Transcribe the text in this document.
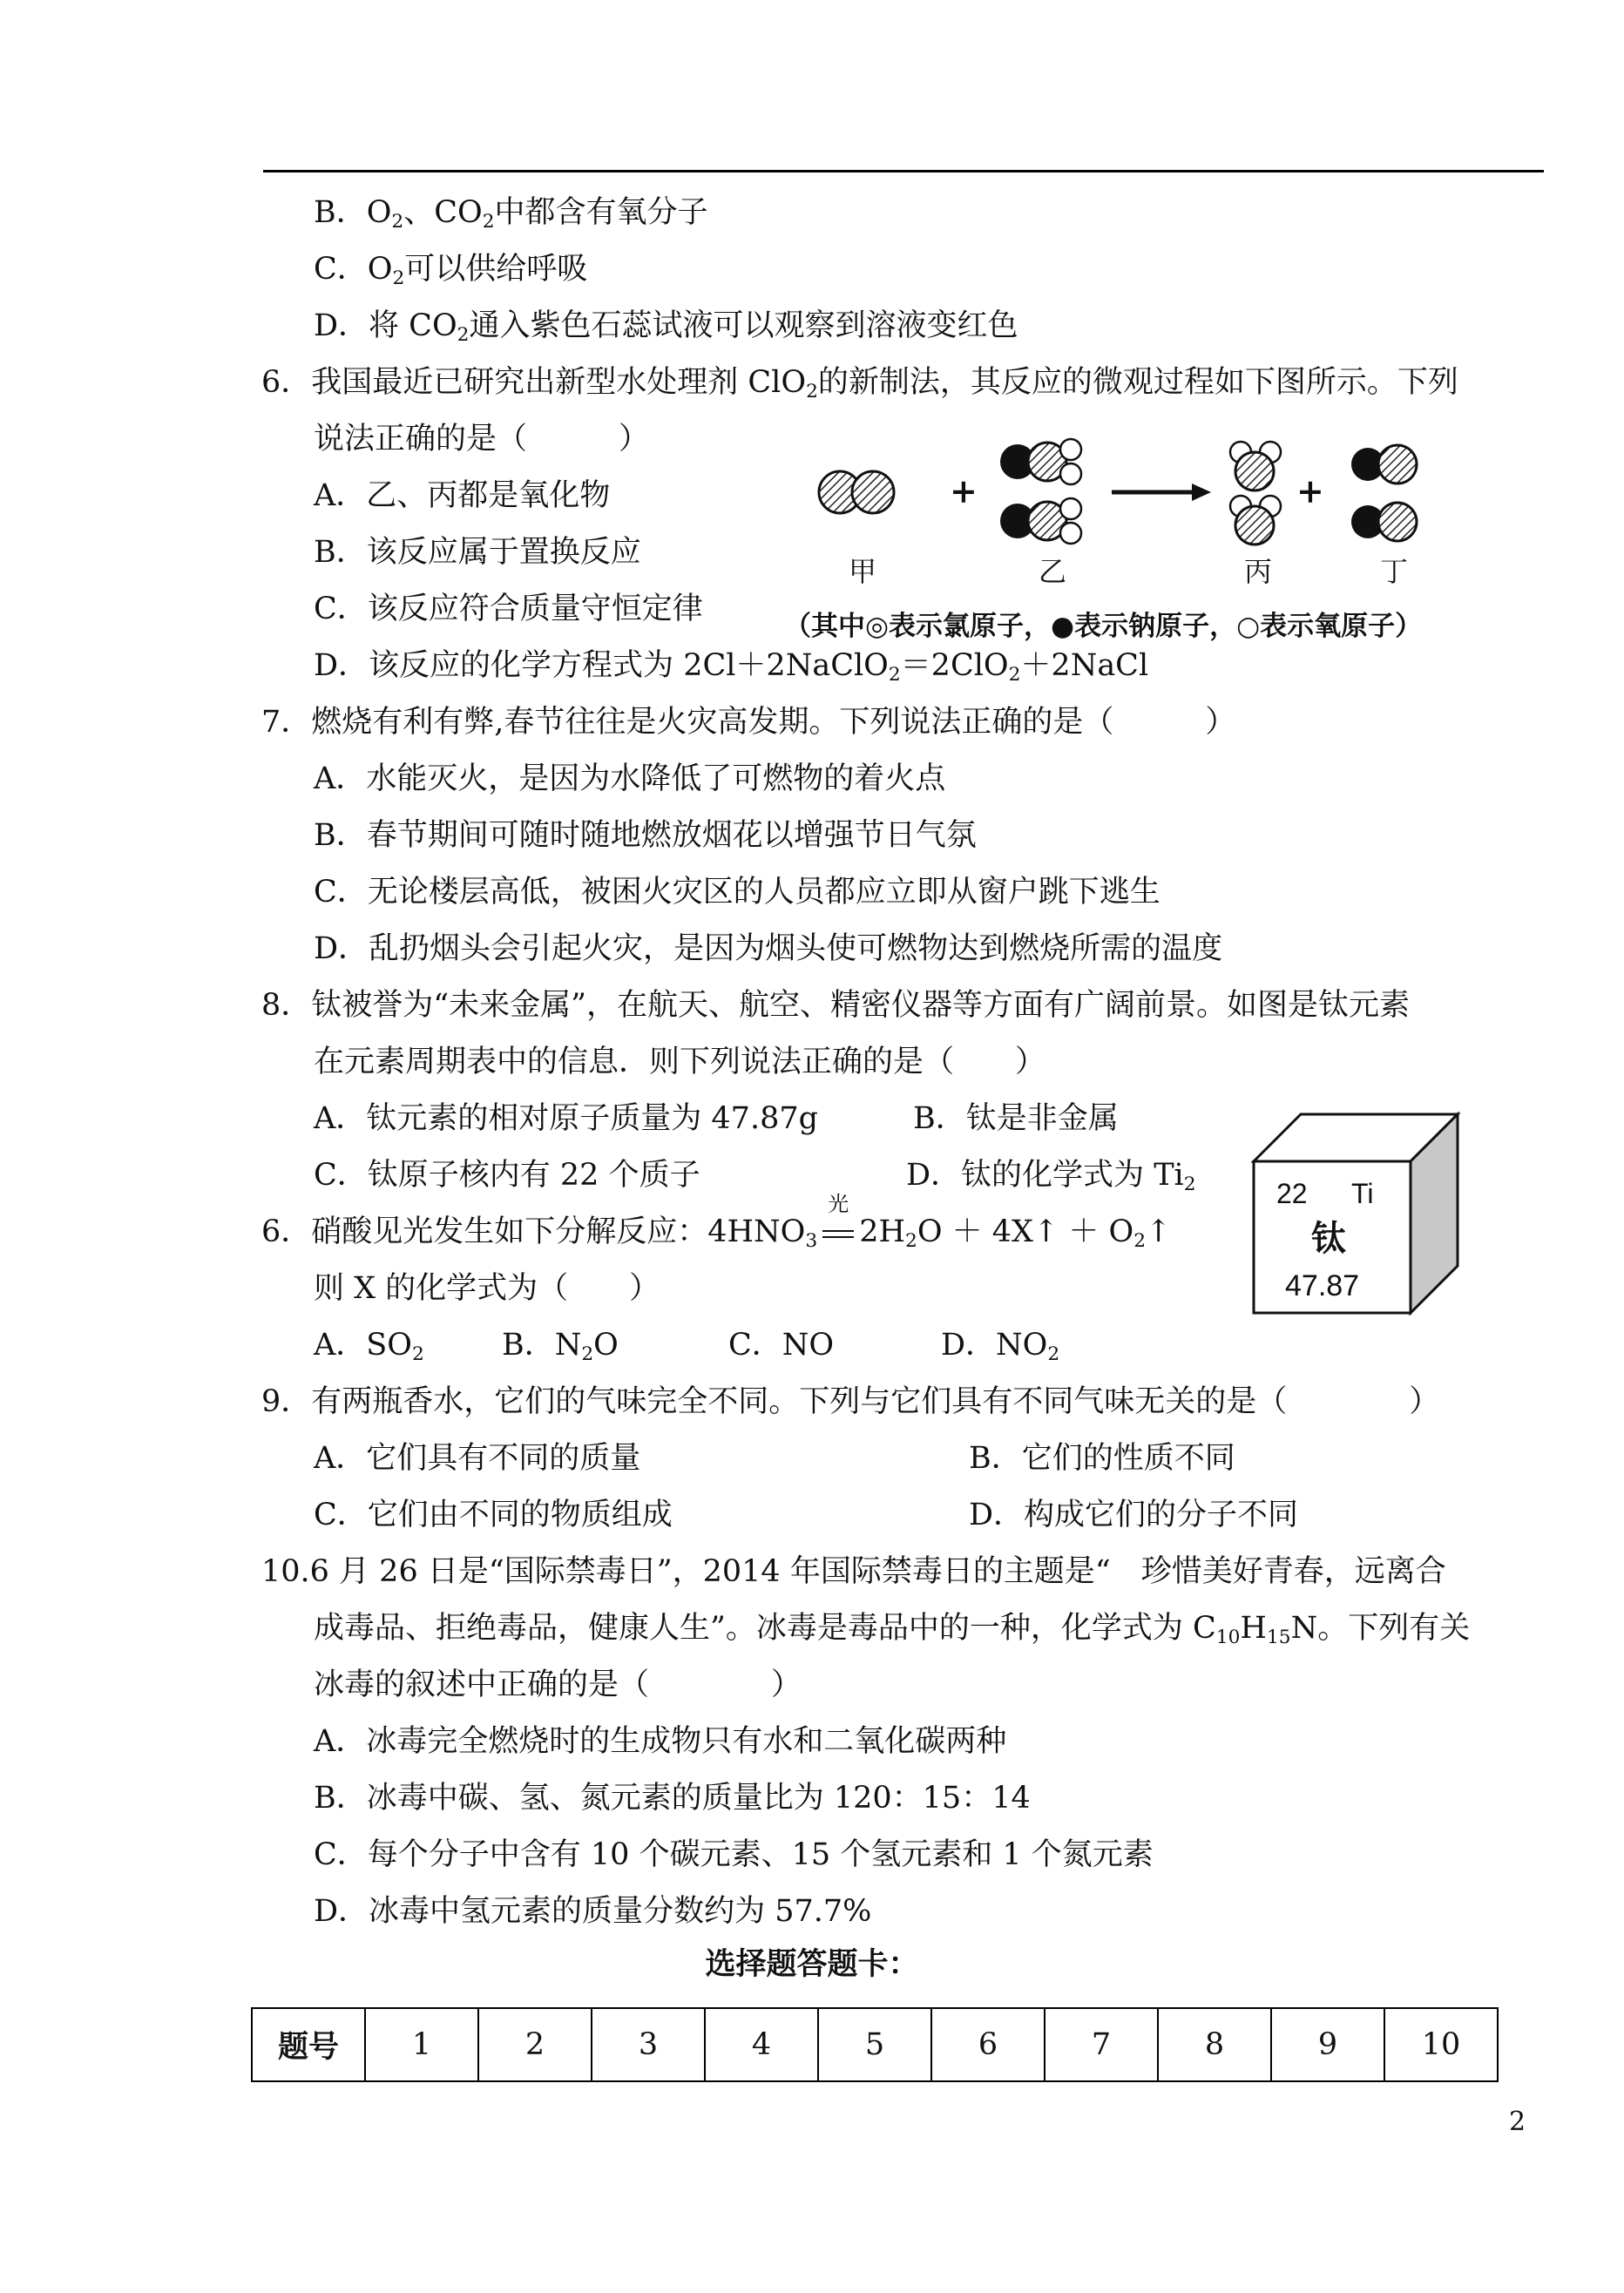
B．$O_2$、$CO_2$中都含有氧分子
C．$O_2$可以供给呼吸
D．将 $CO_2$通入紫色石蕊试液可以观察到溶液变红色
6．我国最近已研究出新型水处理剂 ClO$_2$的新制法，其反应的微观过程如下图所示。下列
说法正确的是（　　　）
A．乙、丙都是氧化物
B．该反应属于置换反应
C．该反应符合质量守恒定律
D．该反应的化学方程式为 2Cl＋2NaClO$_2$＝2ClO$_2$＋2NaCl
+	+
甲	乙	丙	丁
（其中◎表示氯原子，●表示钠原子，○表示氧原子）
7．燃烧有利有弊,春节往往是火灾高发期。下列说法正确的是（　　　）
A．水能灭火，是因为水降低了可燃物的着火点
B．春节期间可随时随地燃放烟花以增强节日气氛
C．无论楼层高低，被困火灾区的人员都应立即从窗户跳下逃生
D．乱扔烟头会引起火灾，是因为烟头使可燃物达到燃烧所需的温度
8．钛被誉为“未来金属”，在航天、航空、精密仪器等方面有广阔前景。如图是钛元素
在元素周期表中的信息．则下列说法正确的是（　　）
A．钛元素的相对原子质量为 47.87g	B．钛是非金属
C．钛原子核内有 22 个质子	D．钛的化学式为 $Ti_2$	22 Ti
钛
47.87
6．硝酸见光发生如下分解反应：$4HNO_3$
光
$2H_2O$ ＋ 4X↑ ＋ $O_2↑$
则 X 的化学式为（　　）
A．$SO_2$	B．$N_2O$	C．NO	D．$NO_2$
9．有两瓶香水，它们的气味完全不同。下列与它们具有不同气味无关的是（　　　　）
A．它们具有不同的质量	B．它们的性质不同
C．它们由不同的物质组成	D．构成它们的分子不同
10.6 月 26 日是“国际禁毒日”，2014 年国际禁毒日的主题是“　珍惜美好青春，远离合
成毒品、拒绝毒品，健康人生”。冰毒是毒品中的一种，化学式为 $C_{10}H_{15}N$。下列有关
冰毒的叙述中正确的是（　　　　）
A．冰毒完全燃烧时的生成物只有水和二氧化碳两种
B．冰毒中碳、氢、氮元素的质量比为 120：15：14
C．每个分子中含有 10 个碳元素、15 个氢元素和 1 个氮元素
D．冰毒中氢元素的质量分数约为 57.7%
选择题答题卡：
题号	1	2	3	4	5	6	7	8	9	10
2
